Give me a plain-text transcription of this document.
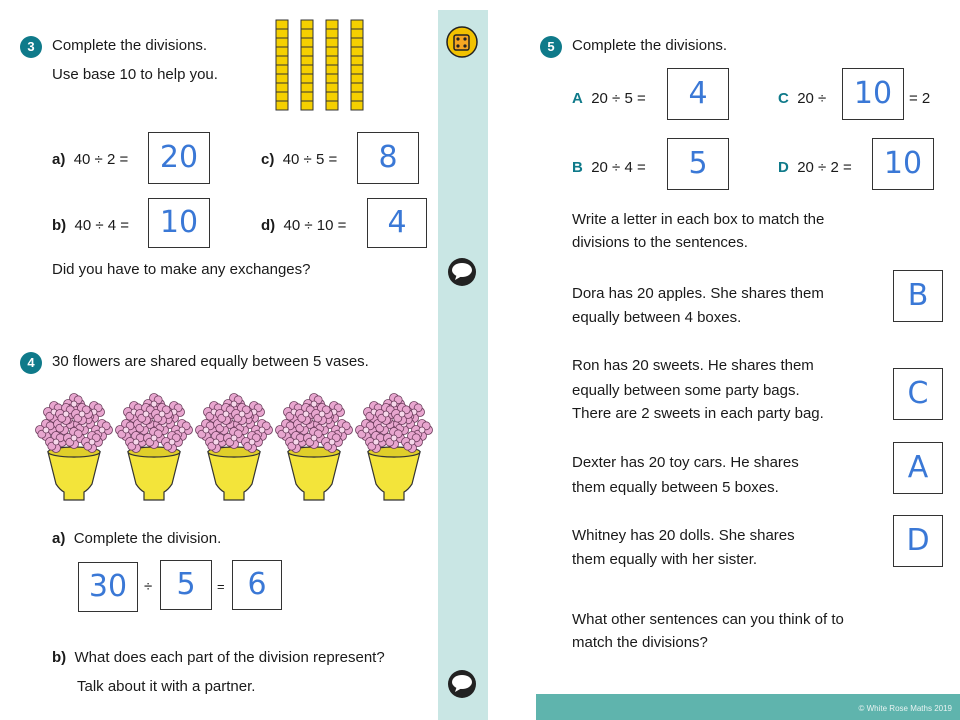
3	Complete the divisions.
Use base 10 to help you.
a) 40 ÷ 2 =	20	c) 40 ÷ 5 =	8
b) 40 ÷ 4 =	10	d) 40 ÷ 10 =	4
Did you have to make any exchanges?
4	30 flowers are shared equally between 5 vases.
a) Complete the division.
30	÷ 5	= 6
b) What does each part of the division represent?
Talk about it with a partner.
5	Complete the divisions.
A 20 ÷ 5 =	4	C 20 ÷ 10	= 2
B 20 ÷ 4 =	5	D 20 ÷ 2 =	10
Write a letter in each box to match the
divisions to the sentences.
Dora has 20 apples. She shares them
equally between 4 boxes.
B
Ron has 20 sweets. He shares them
equally between some party bags.
There are 2 sweets in each party bag.
C
Dexter has 20 toy cars. He shares
them equally between 5 boxes.
A
Whitney has 20 dolls. She shares
them equally with her sister.
D
What other sentences can you think of to
match the divisions?
© White Rose Maths 2019
